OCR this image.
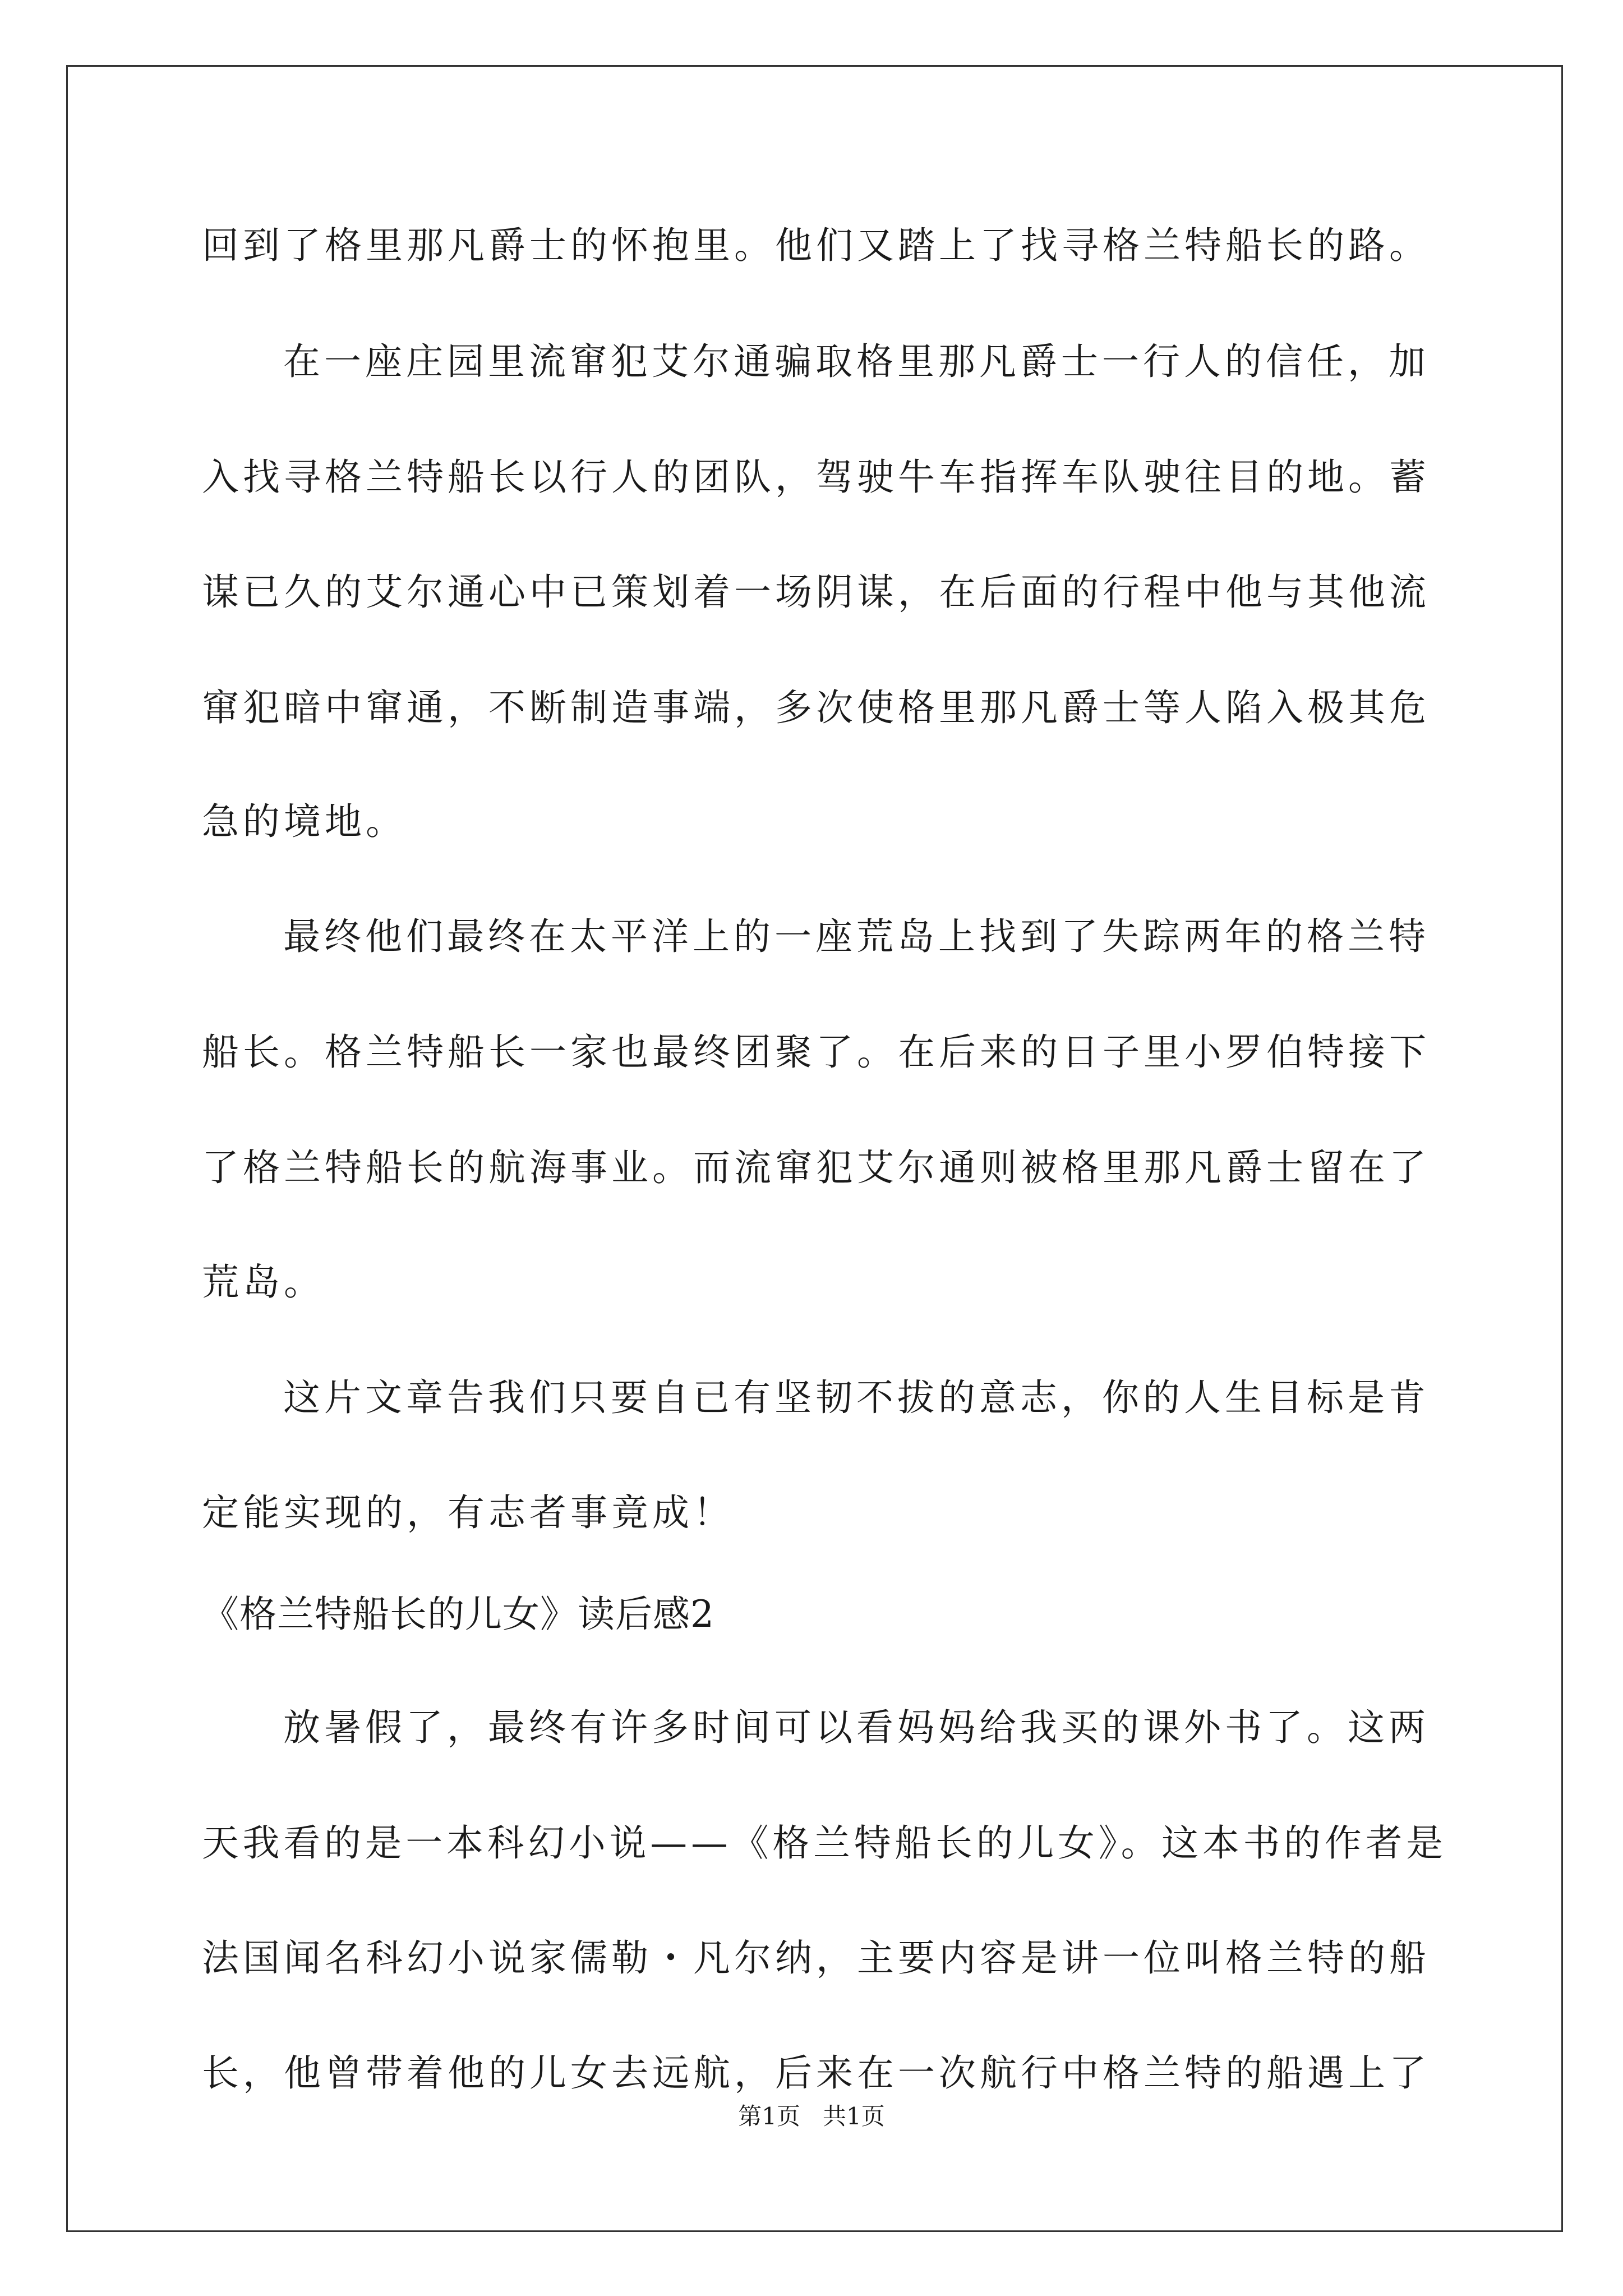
回到了格里那凡爵士的怀抱里。他们又踏上了找寻格兰特船长的路。
在一座庄园里流窜犯艾尔通骗取格里那凡爵士一行人的信任，加
入找寻格兰特船长以行人的团队，驾驶牛车指挥车队驶往目的地。蓄
谋已久的艾尔通心中已策划着一场阴谋，在后面的行程中他与其他流
窜犯暗中窜通，不断制造事端，多次使格里那凡爵士等人陷入极其危
急的境地。
最终他们最终在太平洋上的一座荒岛上找到了失踪两年的格兰特
船长。格兰特船长一家也最终团聚了。在后来的日子里小罗伯特接下
了格兰特船长的航海事业。而流窜犯艾尔通则被格里那凡爵士留在了
荒岛。
这片文章告我们只要自已有坚韧不拔的意志，你的人生目标是肯
定能实现的，有志者事竟成！
《格兰特船长的儿女》读后感2
放暑假了，最终有许多时间可以看妈妈给我买的课外书了。这两
天我看的是一本科幻小说——《格兰特船长的儿女》。这本书的作者是
法国闻名科幻小说家儒勒・凡尔纳，主要内容是讲一位叫格兰特的船
长，他曾带着他的儿女去远航，后来在一次航行中格兰特的船遇上了
第1页   共1页
